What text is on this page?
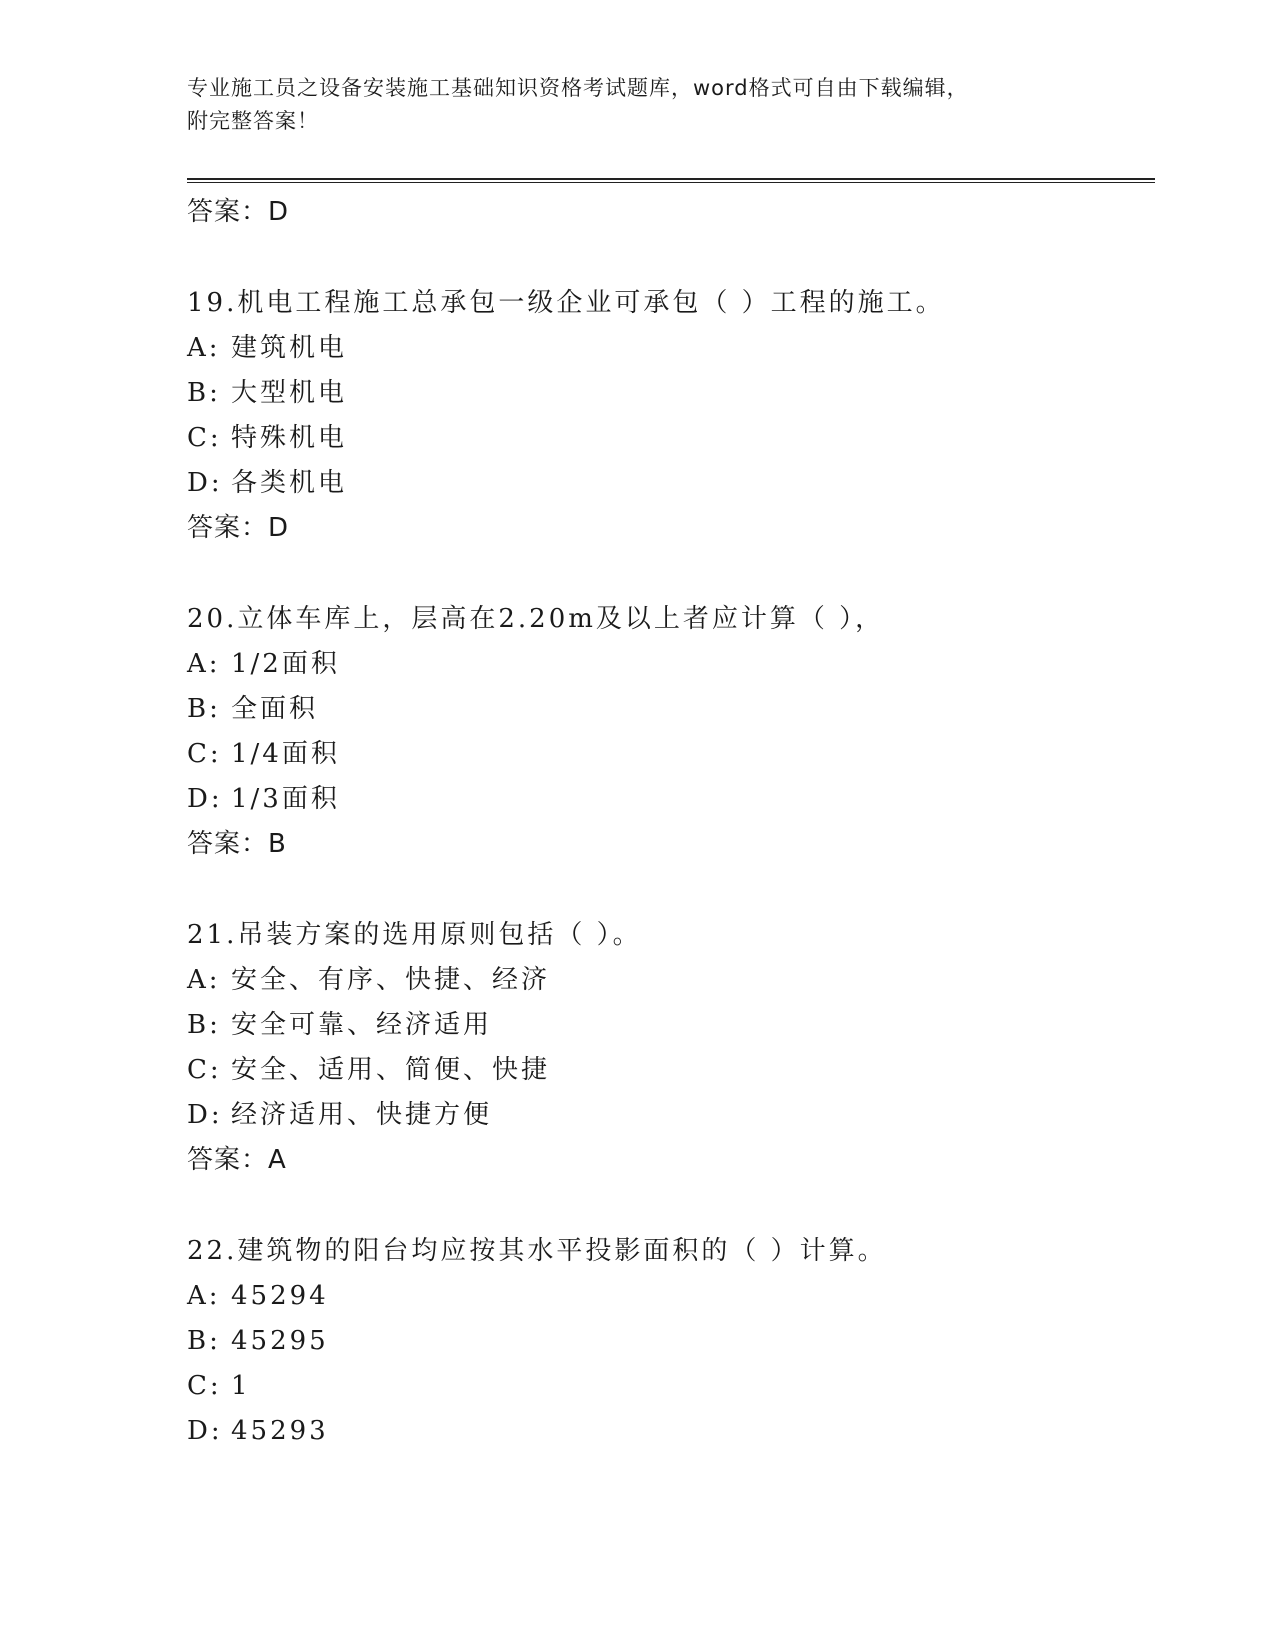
专业施工员之设备安装施工基础知识资格考试题库，word格式可自由下载编辑，
附完整答案！
答案：D
19.机电工程施工总承包一级企业可承包（ ）工程的施工。
A: 建筑机电
B: 大型机电
C: 特殊机电
D: 各类机电
答案：D
20.立体车库上，层高在2.20m及以上者应计算（ ），
A: 1/2面积
B: 全面积
C: 1/4面积
D: 1/3面积
答案：B
21.吊装方案的选用原则包括（ ）。
A: 安全、有序、快捷、经济
B: 安全可靠、经济适用
C: 安全、适用、简便、快捷
D: 经济适用、快捷方便
答案：A
22.建筑物的阳台均应按其水平投影面积的（ ）计算。
A: 45294
B: 45295
C: 1
D: 45293
